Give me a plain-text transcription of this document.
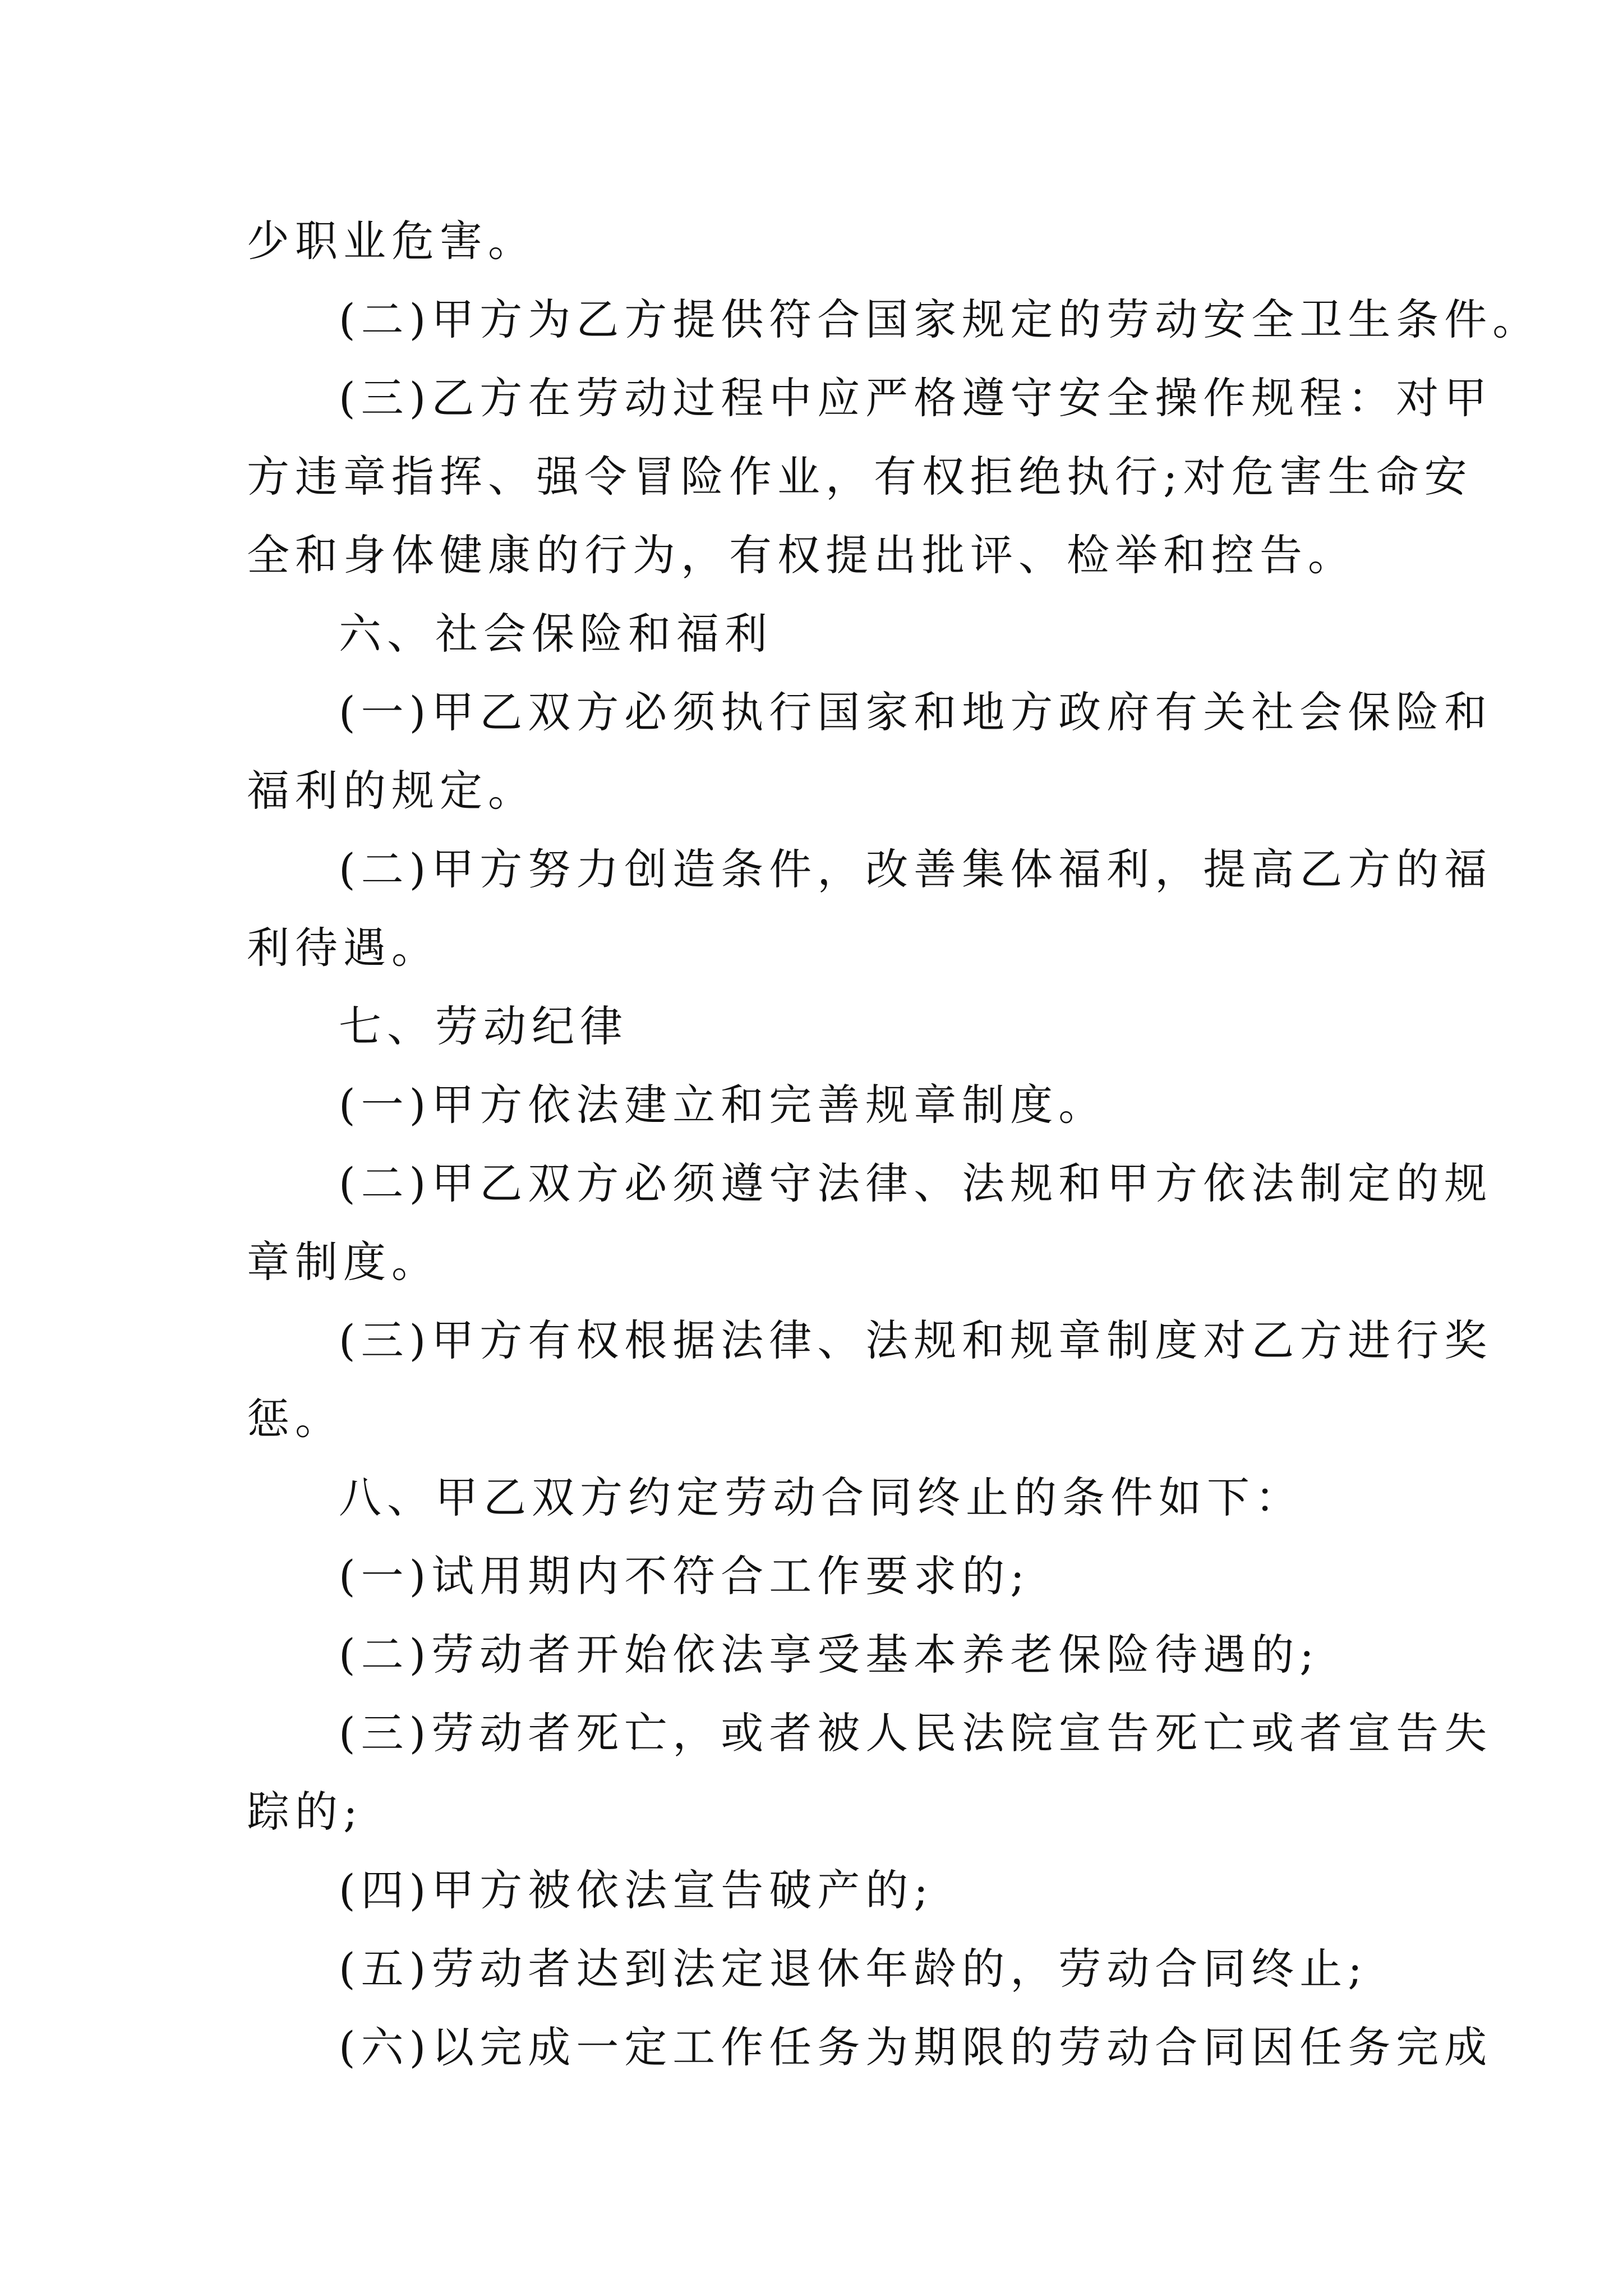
少职业危害。
(二)甲方为乙方提供符合国家规定的劳动安全卫生条件。
(三)乙方在劳动过程中应严格遵守安全操作规程：对甲
方违章指挥、强令冒险作业，有权拒绝执行;对危害生命安
全和身体健康的行为，有权提出批评、检举和控告。
六、社会保险和福利
(一)甲乙双方必须执行国家和地方政府有关社会保险和
福利的规定。
(二)甲方努力创造条件，改善集体福利，提高乙方的福
利待遇。
七、劳动纪律
(一)甲方依法建立和完善规章制度。
(二)甲乙双方必须遵守法律、法规和甲方依法制定的规
章制度。
(三)甲方有权根据法律、法规和规章制度对乙方进行奖
惩。
八、甲乙双方约定劳动合同终止的条件如下：
(一)试用期内不符合工作要求的;
(二)劳动者开始依法享受基本养老保险待遇的;
(三)劳动者死亡，或者被人民法院宣告死亡或者宣告失
踪的;
(四)甲方被依法宣告破产的;
(五)劳动者达到法定退休年龄的，劳动合同终止;
(六)以完成一定工作任务为期限的劳动合同因任务完成
